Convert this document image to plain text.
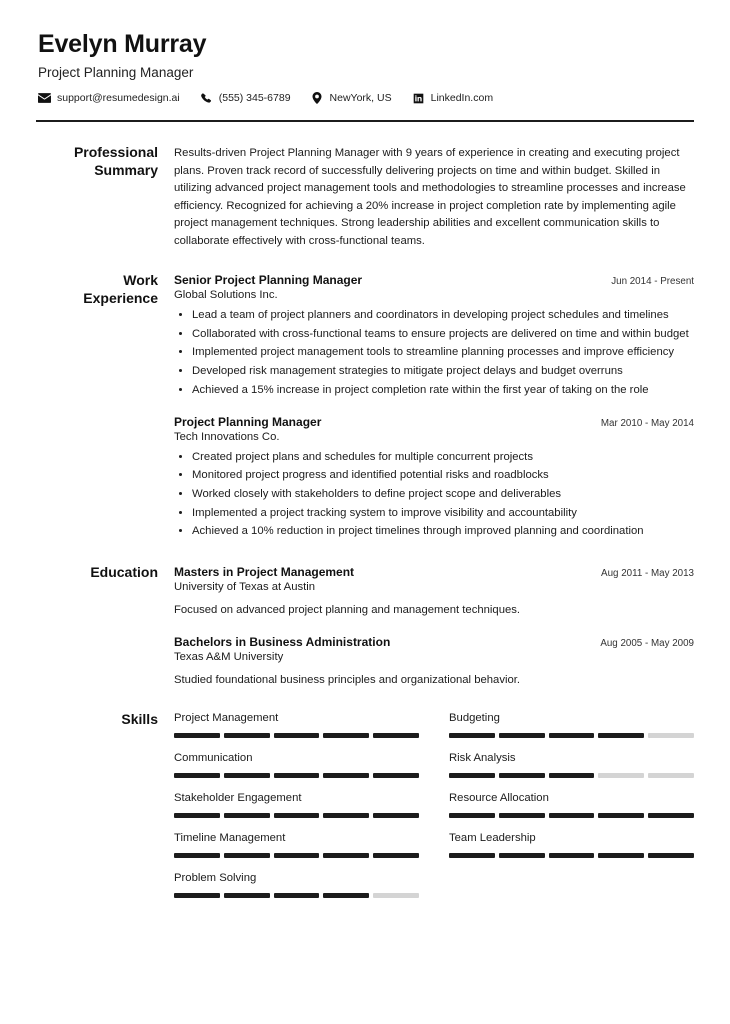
Evelyn Murray
Project Planning Manager
support@resumedesign.ai	(555) 345-6789	NewYork, US	LinkedIn.com
Professional
Summary
Results-driven Project Planning Manager with 9 years of experience in creating and executing project plans. Proven track record of successfully delivering projects on time and within budget. Skilled in utilizing advanced project management tools and methodologies to streamline processes and increase efficiency. Recognized for achieving a 20% increase in project completion rate by implementing agile project management techniques. Strong leadership abilities and excellent communication skills to collaborate effectively with cross-functional teams.
Work
Experience
Senior Project Planning Manager	Jun 2014 - Present
Global Solutions Inc.
• Lead a team of project planners and coordinators in developing project schedules and timelines
• Collaborated with cross-functional teams to ensure projects are delivered on time and within budget
• Implemented project management tools to streamline planning processes and improve efficiency
• Developed risk management strategies to mitigate project delays and budget overruns
• Achieved a 15% increase in project completion rate within the first year of taking on the role
Project Planning Manager	Mar 2010 - May 2014
Tech Innovations Co.
• Created project plans and schedules for multiple concurrent projects
• Monitored project progress and identified potential risks and roadblocks
• Worked closely with stakeholders to define project scope and deliverables
• Implemented a project tracking system to improve visibility and accountability
• Achieved a 10% reduction in project timelines through improved planning and coordination
Education Masters in Project Management	Aug 2011 - May 2013
University of Texas at Austin
Focused on advanced project planning and management techniques.
Bachelors in Business Administration	Aug 2005 - May 2009
Texas A&M University
Studied foundational business principles and organizational behavior.
Skills Project Management	Budgeting
Communication	Risk Analysis
Stakeholder Engagement	Resource Allocation
Timeline Management	Team Leadership
Problem Solving
